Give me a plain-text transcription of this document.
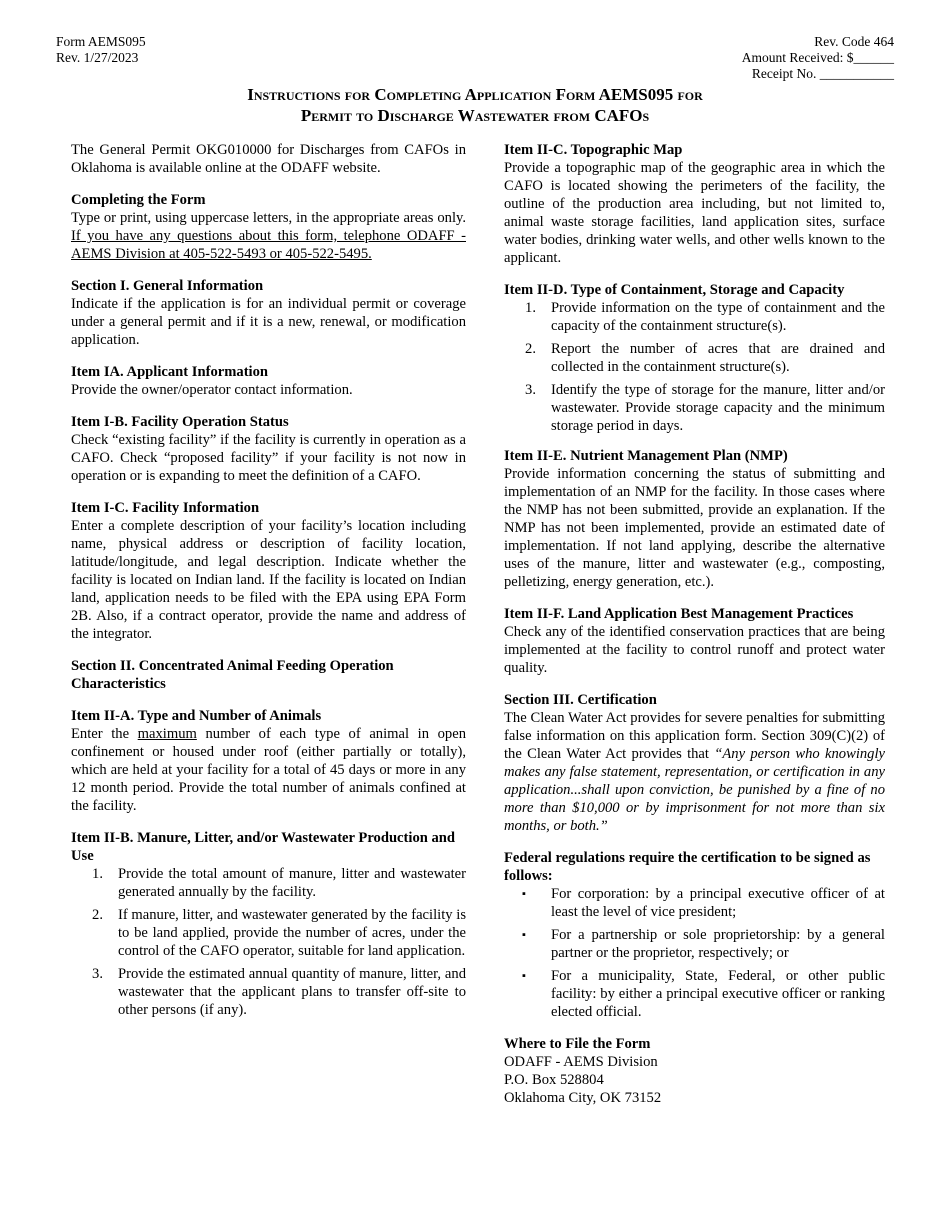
Form AEMS095
Rev. 1/27/2023
Rev. Code 464
Amount Received: $______
Receipt No. ___________
Instructions for Completing Application Form AEMS095 for
Permit to Discharge Wastewater from CAFOs

The General Permit OKG010000 for Discharges from CAFOs in Oklahoma is available online at the ODAFF website.

Completing the Form

Type or print, using uppercase letters, in the appropriate areas only. If you have any questions about this form, telephone ODAFF - AEMS Division at 405-522-5493 or 405-522-5495.

Section I. General Information

Indicate if the application is for an individual permit or coverage under a general permit and if it is a new, renewal, or modification application.

Item IA. Applicant Information

Provide the owner/operator contact information.

Item I-B. Facility Operation Status

Check “existing facility” if the facility is currently in operation as a CAFO. Check “proposed facility” if your facility is not now in operation or is expanding to meet the definition of a CAFO.

Item I-C. Facility Information

Enter a complete description of your facility’s location including name, physical address or description of facility location, latitude/longitude, and legal description. Indicate whether the facility is located on Indian land. If the facility is located on Indian land, application needs to be filed with the EPA using EPA Form 2B. Also, if a contract operator, provide the name and address of the integrator.

Section II. Concentrated Animal Feeding Operation Characteristics

Item II-A. Type and Number of Animals

Enter the maximum number of each type of animal in open confinement or housed under roof (either partially or totally), which are held at your facility for a total of 45 days or more in any 12 month period. Provide the total number of animals confined at the facility.

Item II-B. Manure, Litter, and/or Wastewater Production and Use

1. Provide the total amount of manure, litter and wastewater generated annually by the facility.
2. If manure, litter, and wastewater generated by the facility is to be land applied, provide the number of acres, under the control of the CAFO operator, suitable for land application.
3. Provide the estimated annual quantity of manure, litter, and wastewater that the applicant plans to transfer off-site to other persons (if any).

Item II-C. Topographic Map

Provide a topographic map of the geographic area in which the CAFO is located showing the perimeters of the facility, the outline of the production area including, but not limited to, animal waste storage facilities, land application sites, surface water bodies, drinking water wells, and other wells known to the applicant.

Item II-D. Type of Containment, Storage and Capacity

1. Provide information on the type of containment and the capacity of the containment structure(s).
2. Report the number of acres that are drained and collected in the containment structure(s).
3. Identify the type of storage for the manure, litter and/or wastewater. Provide storage capacity and the minimum storage period in days.

Item II-E. Nutrient Management Plan (NMP)

Provide information concerning the status of submitting and implementation of an NMP for the facility. In those cases where the NMP has not been submitted, provide an explanation. If the NMP has not been implemented, provide an estimated date of implementation. If not land applying, describe the alternative uses of the manure, litter and wastewater (e.g., composting, pelletizing, energy generation, etc.).

Item II-F. Land Application Best Management Practices

Check any of the identified conservation practices that are being implemented at the facility to control runoff and protect water quality.

Section III. Certification

The Clean Water Act provides for severe penalties for submitting false information on this application form. Section 309(C)(2) of the Clean Water Act provides that “Any person who knowingly makes any false statement, representation, or certification in any application...shall upon conviction, be punished by a fine of no more than $10,000 or by imprisonment for not more than six months, or both.”

Federal regulations require the certification to be signed as follows:

▪ For corporation: by a principal executive officer of at least the level of vice president;
▪ For a partnership or sole proprietorship: by a general partner or the proprietor, respectively; or
▪ For a municipality, State, Federal, or other public facility: by either a principal executive officer or ranking elected official.

Where to File the Form

ODAFF - AEMS Division

P.O. Box 528804

Oklahoma City, OK 73152
